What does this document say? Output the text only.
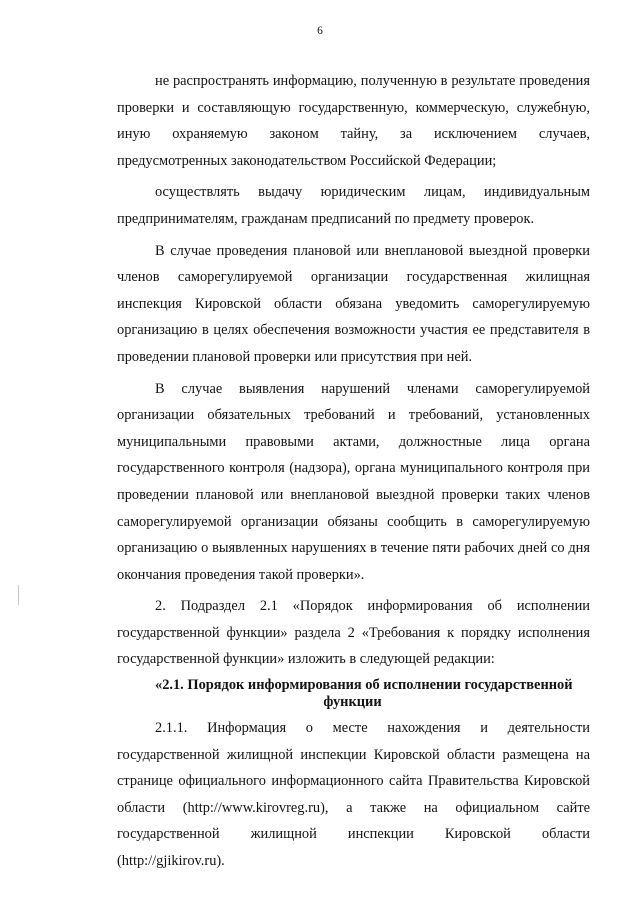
6

не распространять информацию, полученную в результате проведения проверки и составляющую государственную, коммерческую, служебную, иную охраняемую законом тайну, за исключением случаев, предусмотренных законодательством Российской Федерации;

осуществлять выдачу юридическим лицам, индивидуальным предпринимателям, гражданам предписаний по предмету проверок.

В случае проведения плановой или внеплановой выездной проверки членов саморегулируемой организации государственная жилищная инспекция Кировской области обязана уведомить саморегулируемую организацию в целях обеспечения возможности участия ее представителя в проведении плановой проверки или присутствия при ней.

В случае выявления нарушений членами саморегулируемой организации обязательных требований и требований, установленных муниципальными правовыми актами, должностные лица органа государственного контроля (надзора), органа муниципального контроля при проведении плановой или внеплановой выездной проверки таких членов саморегулируемой организации обязаны сообщить в саморегулируемую организацию о выявленных нарушениях в течение пяти рабочих дней со дня окончания проведения такой проверки».

2. Подраздел 2.1 «Порядок информирования об исполнении государственной функции» раздела 2 «Требования к порядку исполнения государственной функции» изложить в следующей редакции:

«2.1. Порядок информирования об исполнении государственной
функции

2.1.1. Информация о месте нахождения и деятельности государственной жилищной инспекции Кировской области размещена на странице официального информационного сайта Правительства Кировской области (http://www.kirovreg.ru), а также на официальном сайте государственной жилищной инспекции Кировской области (http://gjikirov.ru).
